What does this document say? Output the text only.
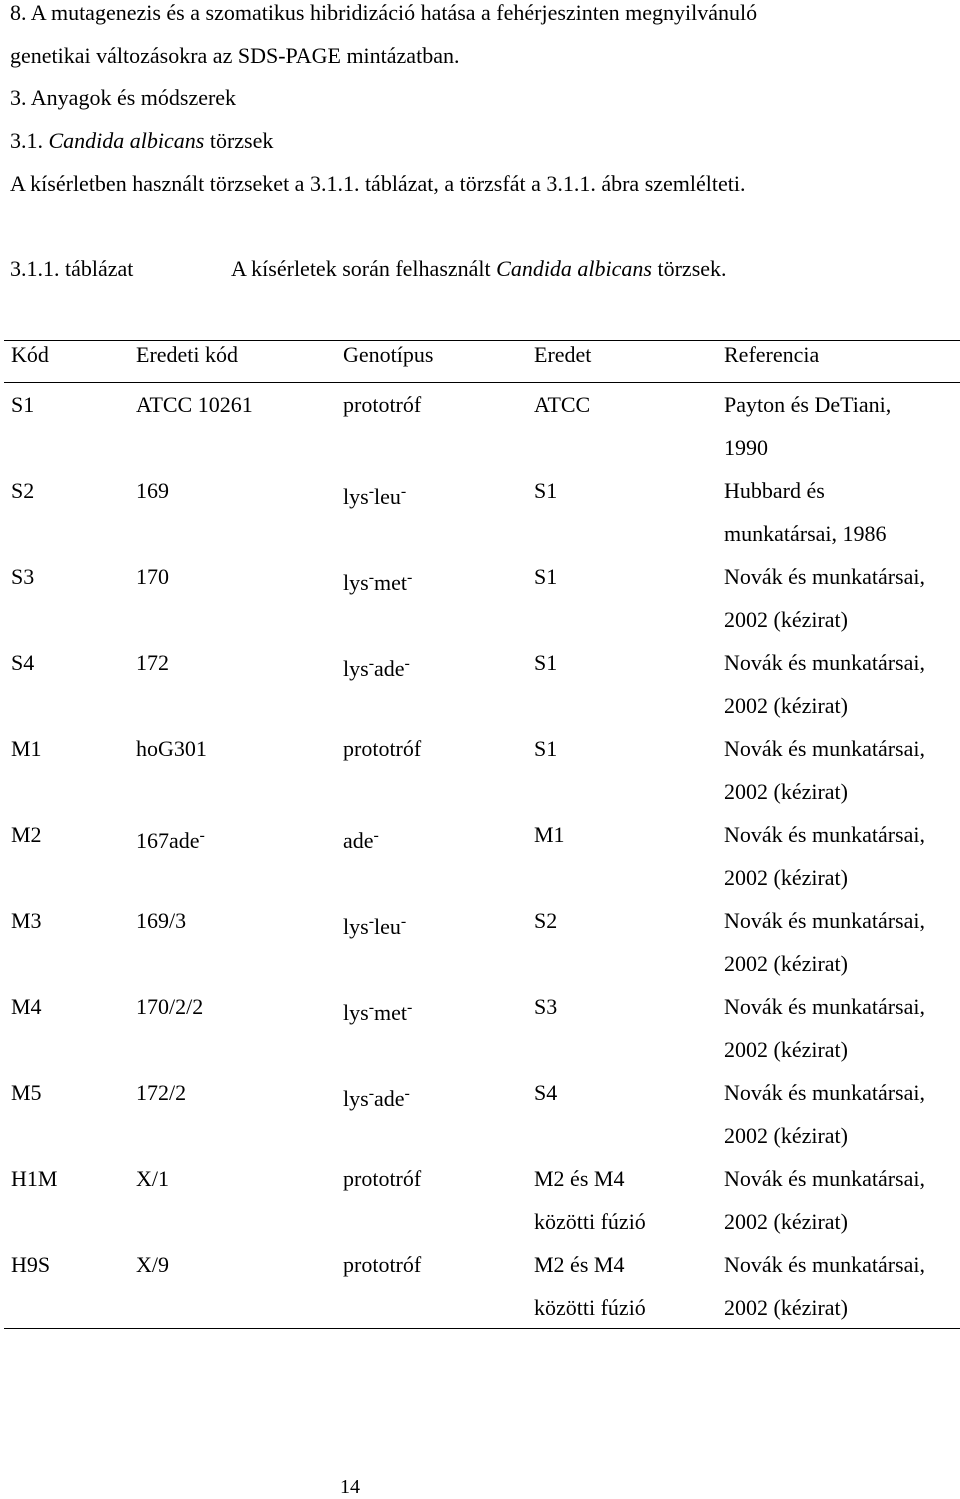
8. A mutagenezis és a szomatikus hibridizáció hatása a fehérjeszinten megnyilvánuló
genetikai változásokra az SDS-PAGE mintázatban.
3. Anyagok és módszerek
3.1. Candida albicans törzsek
A kísérletben használt törzseket a 3.1.1. táblázat, a törzsfát a 3.1.1. ábra szemlélteti.
3.1.1. táblázat	A kísérletek során felhasznált Candida albicans törzsek.
Kód	Eredeti kód	Genotípus	Eredet	Referencia
S1	ATCC 10261	prototróf	ATCC	Payton és DeTiani,
1990

S2	169	lys-leu-	S1	Hubbard és
munkatársai, 1986

S3	170	lys-met-	S1	Novák és munkatársai,
2002 (kézirat)

S4	172	lys-ade-	S1	Novák és munkatársai,
2002 (kézirat)

M1	hoG301	prototróf	S1	Novák és munkatársai,
2002 (kézirat)

M2	167ade-	ade-	M1	Novák és munkatársai,
2002 (kézirat)

M3	169/3	lys-leu-	S2	Novák és munkatársai,
2002 (kézirat)

M4	170/2/2	lys-met-	S3	Novák és munkatársai,
2002 (kézirat)

M5	172/2	lys-ade-	S4	Novák és munkatársai,
2002 (kézirat)

H1M	X/1	prototróf	M2 és M4
közötti fúzió	Novák és munkatársai,
2002 (kézirat)

H9S	X/9	prototróf	M2 és M4
közötti fúzió	Novák és munkatársai,
2002 (kézirat)
14
